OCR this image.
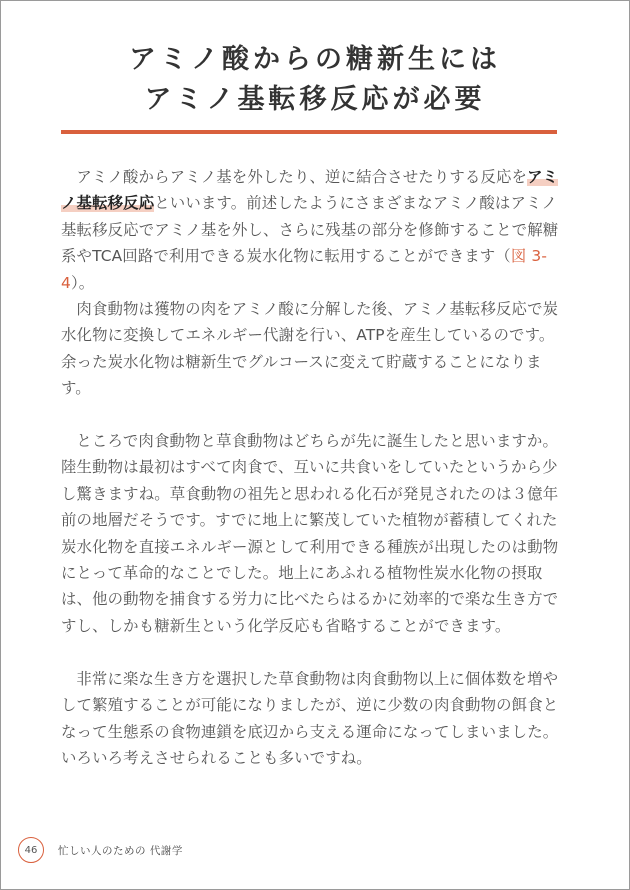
アミノ酸からの糖新生には

アミノ基転移反応が必要

アミノ酸からアミノ基を外したり、逆に結合させたりする反応をアミノ基転移反応といいます。前述したようにさまざまなアミノ酸はアミノ基転移反応でアミノ基を外し、さらに残基の部分を修飾することで解糖系やTCA回路で利用できる炭水化物に転用することができます（図 3-4）。

肉食動物は獲物の肉をアミノ酸に分解した後、アミノ基転移反応で炭水化物に変換してエネルギー代謝を行い、ATPを産生しているのです。余った炭水化物は糖新生でグルコースに変えて貯蔵することになります。

ところで肉食動物と草食動物はどちらが先に誕生したと思いますか。陸生動物は最初はすべて肉食で、互いに共食いをしていたというから少し驚きますね。草食動物の祖先と思われる化石が発見されたのは３億年前の地層だそうです。すでに地上に繁茂していた植物が蓄積してくれた炭水化物を直接エネルギー源として利用できる種族が出現したのは動物にとって革命的なことでした。地上にあふれる植物性炭水化物の摂取は、他の動物を捕食する労力に比べたらはるかに効率的で楽な生き方ですし、しかも糖新生という化学反応も省略することができます。

非常に楽な生き方を選択した草食動物は肉食動物以上に個体数を増やして繁殖することが可能になりましたが、逆に少数の肉食動物の餌食となって生態系の食物連鎖を底辺から支える運命になってしまいました。いろいろ考えさせられることも多いですね。

46 忙しい人のための 代謝学
